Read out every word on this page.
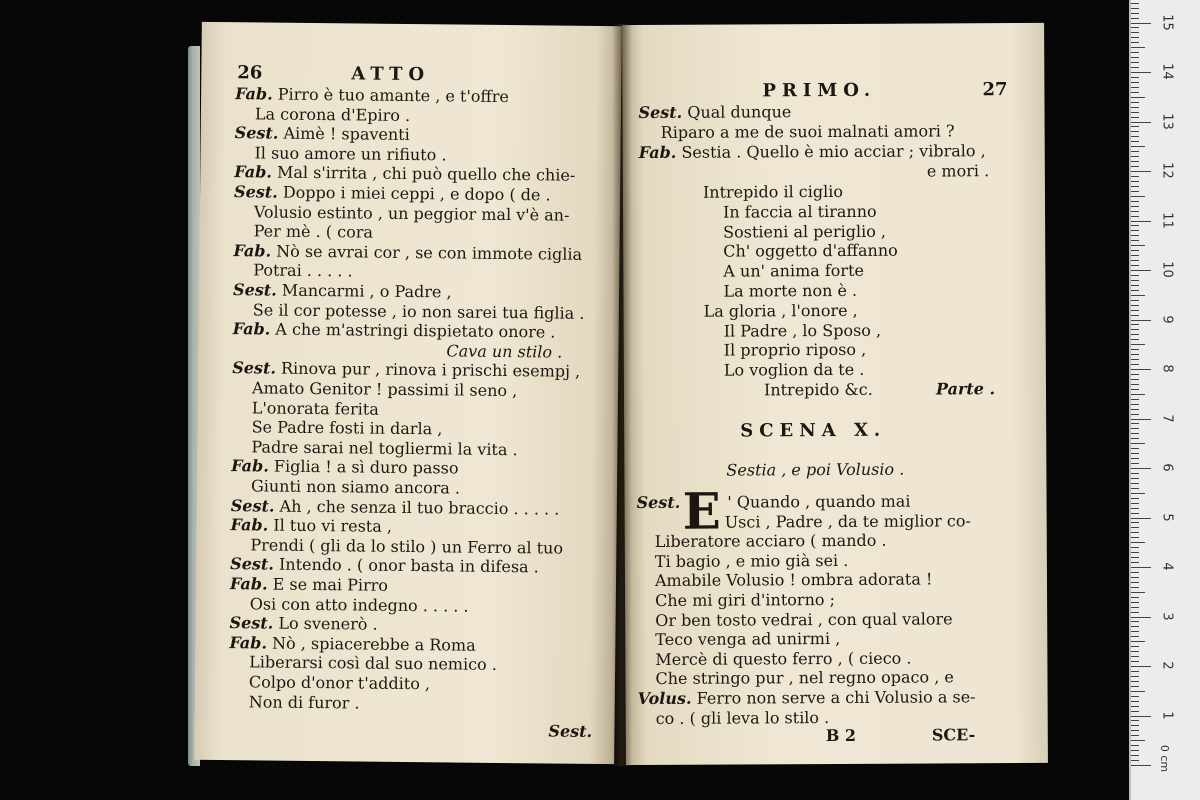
26	ATTO
Fab. Pirro è tuo amante , e t'offre
La corona d'Epiro .
Sest. Aimè ! spaventi
Il suo amore un rifiuto .
Fab. Mal s'irrita , chi può quello che chie-
Sest. Doppo i miei ceppi , e dopo ( de .
Volusio estinto , un peggior mal v'è an-
Per mè . ( cora
Fab. Nò se avrai cor , se con immote ciglia
Potrai . . . . .
Sest. Mancarmi , o Padre ,
Se il cor potesse , io non sarei tua figlia .
Fab. A che m'astringi dispietato onore .
Cava un stilo .
Sest. Rinova pur , rinova i prischi esempj ,
Amato Genitor ! passimi il seno ,
L'onorata ferita
Se Padre fosti in darla ,
Padre sarai nel togliermi la vita .
Fab. Figlia ! a sì duro passo
Giunti non siamo ancora .
Sest. Ah , che senza il tuo braccio . . . . .
Fab. Il tuo vi resta ,
Prendi ( gli da lo stilo ) un Ferro al tuo
Sest. Intendo . ( onor basta in difesa .
Fab. E se mai Pirro
Osi con atto indegno . . . . .
Sest. Lo svenerò .
Fab. Nò , spiacerebbe a Roma
Liberarsi così dal suo nemico .
Colpo d'onor t'addito ,
Non di furor .
Sest.
PRIMO.	27
Sest. Qual dunque
Riparo a me de suoi malnati amori ?
Fab. Sestia . Quello è mio acciar ; vibralo ,
e mori .
Intrepido il ciglio
In faccia al tiranno
Sostieni al periglio ,
Ch' oggetto d'affanno
A un' anima forte
La morte non è .
La gloria , l'onore ,
Il Padre , lo Sposo ,
Il proprio riposo ,
Lo voglion da te .
Intrepido &c.	Parte .
SCENA X.
Sestia , e poi Volusio .
E
Sest.	' Quando , quando mai
Usci , Padre , da te miglior co-
Liberatore acciaro ( mando .
Ti bagio , e mio già sei .
Amabile Volusio ! ombra adorata !
Che mi giri d'intorno ;
Or ben tosto vedrai , con qual valore
Teco venga ad unirmi ,
Mercè di questo ferro , ( cieco .
Che stringo pur , nel regno opaco , e
Volus. Ferro non serve a chi Volusio a se-
co . ( gli leva lo stilo .
B 2	SCE-
0 cm
1
2
3
4
5
6
7
8
9
10
11
12
13
14
15
